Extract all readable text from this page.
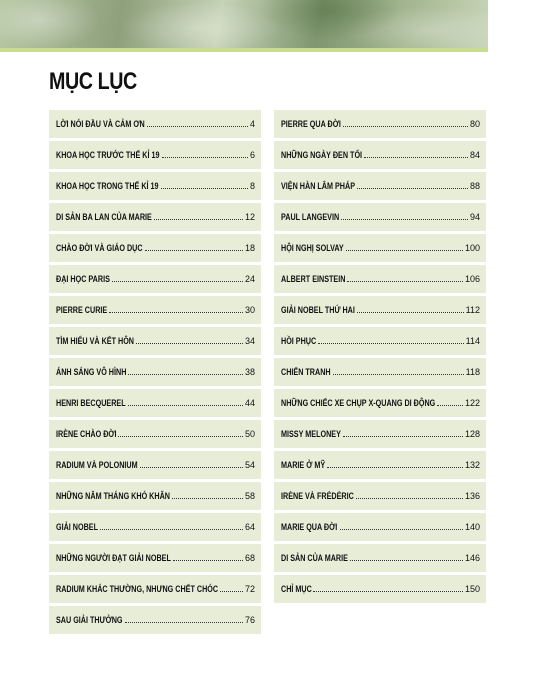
MỤC LỤC
LỜI NÓI ĐẦU VÀ CẢM ƠN	4
KHOA HỌC TRƯỚC THẾ KỈ 19	6
KHOA HỌC TRONG THẾ KỈ 19	8
DI SẢN BA LAN CỦA MARIE	12
CHÀO ĐỜI VÀ GIÁO DỤC	18
ĐẠI HỌC PARIS	24
PIERRE CURIE	30
TÌM HIỂU VÀ KẾT HÔN	34
ÁNH SÁNG VÔ HÌNH	38
HENRI BECQUEREL	44
IRÈNE CHÀO ĐỜI	50
RADIUM VÀ POLONIUM	54
NHỮNG NĂM THÁNG KHÓ KHĂN	58
GIẢI NOBEL	64
NHỮNG NGƯỜI ĐẠT GIẢI NOBEL	68
RADIUM KHÁC THƯỜNG, NHƯNG CHẾT CHÓC	72
SAU GIẢI THƯỞNG	76
PIERRE QUA ĐỜI	80
NHỮNG NGÀY ĐEN TỐI	84
VIỆN HÀN LÂM PHÁP	88
PAUL LANGEVIN	94
HỘI NGHỊ SOLVAY	100
ALBERT EINSTEIN	106
GIẢI NOBEL THỨ HAI	112
HỒI PHỤC	114
CHIẾN TRANH	118
NHỮNG CHIẾC XE CHỤP X-QUANG DI ĐỘNG	122
MISSY MELONEY	128
MARIE Ở MỸ	132
IRÈNE VÀ FRÉDÉRIC	136
MARIE QUA ĐỜI	140
DI SẢN CỦA MARIE	146
CHỈ MỤC	150
